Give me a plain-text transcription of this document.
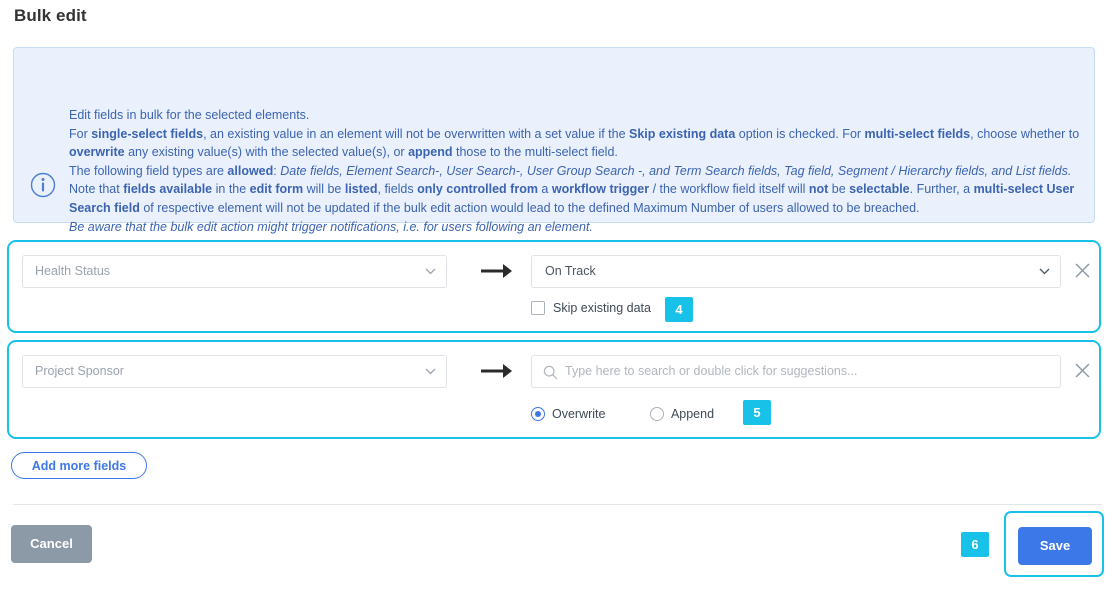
Bulk edit

Edit fields in bulk for the selected elements.

For single-select fields, an existing value in an element will not be overwritten with a set value if the Skip existing data option is checked. For multi-select fields, choose whether to overwrite any existing value(s) with the selected value(s), or append those to the multi-select field.

The following field types are allowed: Date fields, Element Search-, User Search-, User Group Search -, and Term Search fields, Tag field, Segment / Hierarchy fields, and List fields.

Note that fields available in the edit form will be listed, fields only controlled from a workflow trigger / the workflow field itself will not be selectable. Further, a multi-select User Search field of respective element will not be updated if the bulk edit action would lead to the defined Maximum Number of users allowed to be breached.

Be aware that the bulk edit action might trigger notifications, i.e. for users following an element.

Health Status	On Track
Skip existing data	4
Project Sponsor	Type here to search or double click for suggestions...
Overwrite	Append	5
Add more fields
Cancel	6	Save
